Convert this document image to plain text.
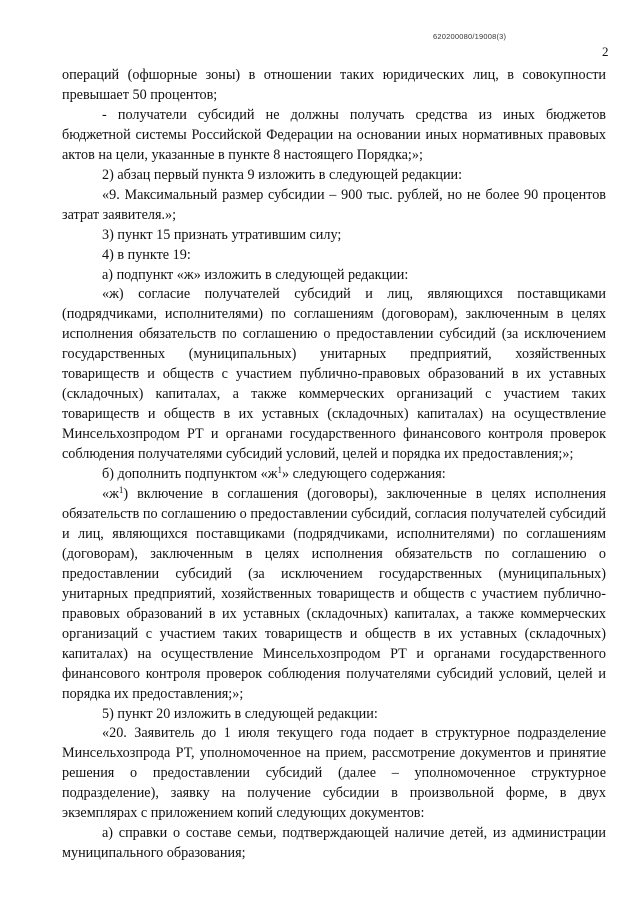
620200080/19008(3)
2

операций (офшорные зоны) в отношении таких юридических лиц, в совокупности превышает 50 процентов;

- получатели субсидий не должны получать средства из иных бюджетов бюджетной системы Российской Федерации на основании иных нормативных правовых актов на цели, указанные в пункте 8 настоящего Порядка;»;

2) абзац первый пункта 9 изложить в следующей редакции:

«9. Максимальный размер субсидии – 900 тыс. рублей, но не более 90 процентов затрат заявителя.»;

3) пункт 15 признать утратившим силу;

4) в пункте 19:

а) подпункт «ж» изложить в следующей редакции:

«ж) согласие получателей субсидий и лиц, являющихся поставщиками (подрядчиками, исполнителями) по соглашениям (договорам), заключенным в целях исполнения обязательств по соглашению о предоставлении субсидий (за исключением государственных (муниципальных) унитарных предприятий, хозяйственных товариществ и обществ с участием публично-правовых образований в их уставных (складочных) капиталах, а также коммерческих организаций с участием таких товариществ и обществ в их уставных (складочных) капиталах) на осуществление Минсельхозпродом РТ и органами государственного финансового контроля проверок соблюдения получателями субсидий условий, целей и порядка их предоставления;»;

б) дополнить подпунктом «$ж^1$» следующего содержания:

«$ж^1$) включение в соглашения (договоры), заключенные в целях исполнения обязательств по соглашению о предоставлении субсидий, согласия получателей субсидий и лиц, являющихся поставщиками (подрядчиками, исполнителями) по соглашениям (договорам), заключенным в целях исполнения обязательств по соглашению о предоставлении субсидий (за исключением государственных (муниципальных) унитарных предприятий, хозяйственных товариществ и обществ с участием публично-правовых образований в их уставных (складочных) капиталах, а также коммерческих организаций с участием таких товариществ и обществ в их уставных (складочных) капиталах) на осуществление Минсельхозпродом РТ и органами государственного финансового контроля проверок соблюдения получателями субсидий условий, целей и порядка их предоставления;»;

5) пункт 20 изложить в следующей редакции:

«20. Заявитель до 1 июля текущего года подает в структурное подразделение Минсельхозпрода РТ, уполномоченное на прием, рассмотрение документов и принятие решения о предоставлении субсидий (далее – уполномоченное структурное подразделение), заявку на получение субсидии в произвольной форме, в двух экземплярах с приложением копий следующих документов:

а) справки о составе семьи, подтверждающей наличие детей, из администрации муниципального образования;
